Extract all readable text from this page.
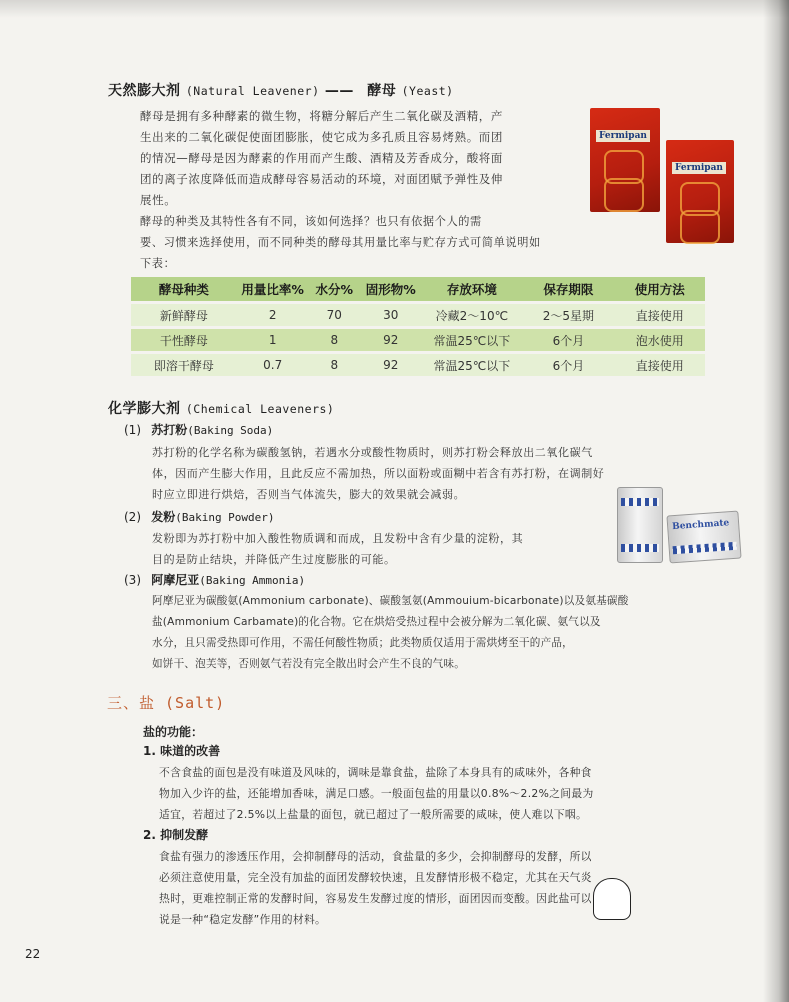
天然膨大剂 (Natural Leavener) —— 酵母 (Yeast)
酵母是拥有多种酵素的微生物，将糖分解后产生二氧化碳及酒精，产
生出来的二氧化碳促使面团膨胀，使它成为多孔质且容易烤熟。而团
的情况—酵母是因为酵素的作用而产生酸、酒精及芳香成分，酸将面
团的离子浓度降低而造成酵母容易活动的环境，对面团赋予弹性及伸
展性。
酵母的种类及其特性各有不同，该如何选择？也只有依据个人的需
要、习惯来选择使用，而不同种类的酵母其用量比率与贮存方式可简单说明如
下表：
Fermipan
Fermipan
酵母种类	用量比率%	水分%	固形物%	存放环境	保存期限	使用方法
新鲜酵母	2	70	30	冷藏2～10℃	2～5星期	直接使用
干性酵母	1	8	92	常温25℃以下	6个月	泡水使用
即溶干酵母	0.7	8	92	常温25℃以下	6个月	直接使用
化学膨大剂 (Chemical Leaveners)
(1) 苏打粉(Baking Soda)
苏打粉的化学名称为碳酸氢钠，若遇水分或酸性物质时，则苏打粉会释放出二氧化碳气
体，因而产生膨大作用，且此反应不需加热，所以面粉或面糊中若含有苏打粉，在调制好
时应立即进行烘焙，否则当气体流失，膨大的效果就会减弱。
(2) 发粉(Baking Powder)
发粉即为苏打粉中加入酸性物质调和而成，且发粉中含有少量的淀粉，其
目的是防止结块，并降低产生过度膨胀的可能。
Benchmate
(3) 阿摩尼亚(Baking Ammonia)
阿摩尼亚为碳酸氨(Ammonium carbonate)、碳酸氢氨(Ammouium-bicarbonate)以及氨基碳酸
盐(Ammonium Carbamate)的化合物。它在烘焙受热过程中会被分解为二氧化碳、氨气以及
水分，且只需受热即可作用，不需任何酸性物质；此类物质仅适用于需烘烤至干的产品，
如饼干、泡芙等，否则氨气若没有完全散出时会产生不良的气味。
三、盐 (Salt)
盐的功能：
1. 味道的改善
不含食盐的面包是没有味道及风味的，调味是靠食盐，盐除了本身具有的咸味外，各种食
物加入少许的盐，还能增加香味，满足口感。一般面包盐的用量以0.8%～2.2%之间最为
适宜，若超过了2.5%以上盐量的面包，就已超过了一般所需要的咸味，使人难以下咽。
2. 抑制发酵
食盐有强力的渗透压作用，会抑制酵母的活动，食盐量的多少，会抑制酵母的发酵，所以
必须注意使用量，完全没有加盐的面团发酵较快速，且发酵情形极不稳定，尤其在天气炎
热时，更难控制正常的发酵时间，容易发生发酵过度的情形，面团因而变酸。因此盐可以
说是一种“稳定发酵”作用的材料。
22
